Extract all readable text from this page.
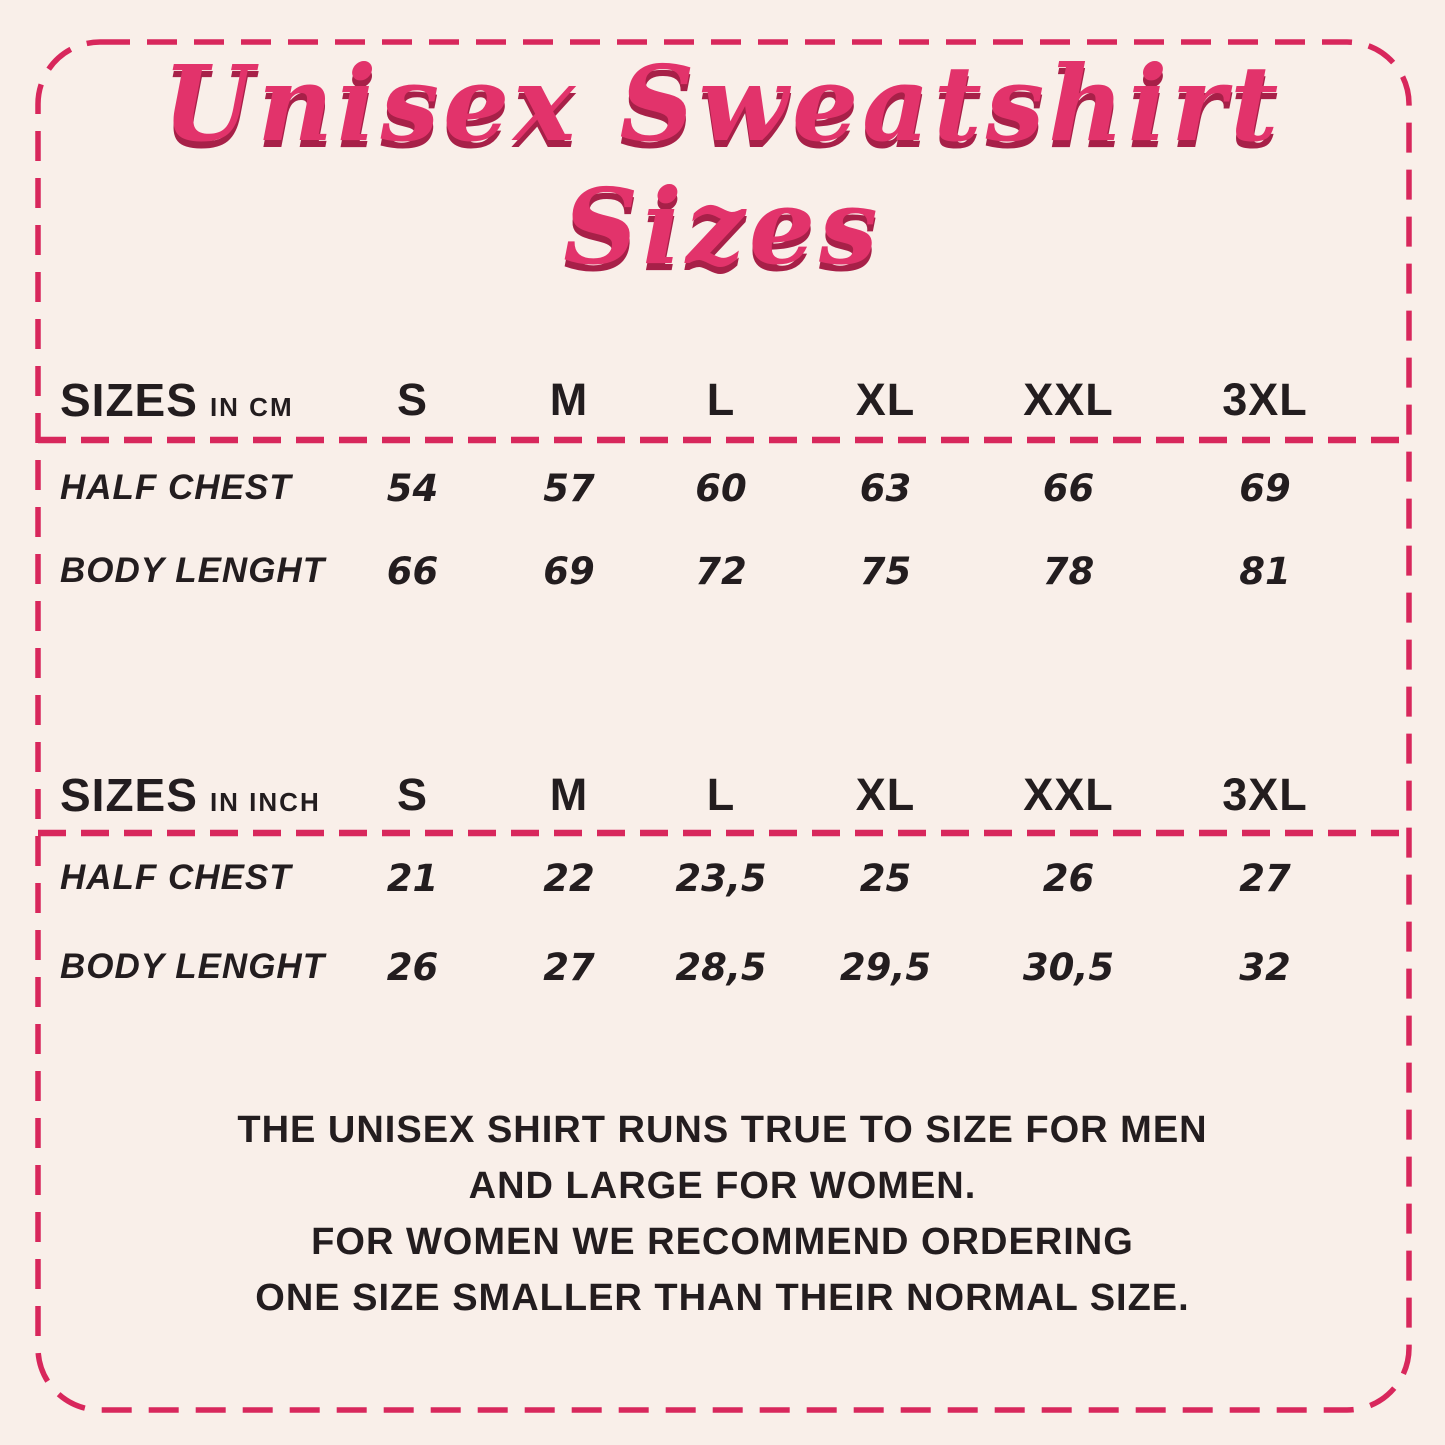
Unisex Sweatshirt Sizes
SIZES IN CM	S	M	L	XL	XXL	3XL
HALF CHEST	54	57	60	63	66	69
BODY LENGHT	66	69	72	75	78	81
SIZES IN INCH	S	M	L	XL	XXL	3XL
HALF CHEST	21	22	23,5	25	26	27
BODY LENGHT	26	27	28,5	29,5	30,5	32
THE UNISEX SHIRT RUNS TRUE TO SIZE FOR MEN
AND LARGE FOR WOMEN.
FOR WOMEN WE RECOMMEND ORDERING
ONE SIZE SMALLER THAN THEIR NORMAL SIZE.
